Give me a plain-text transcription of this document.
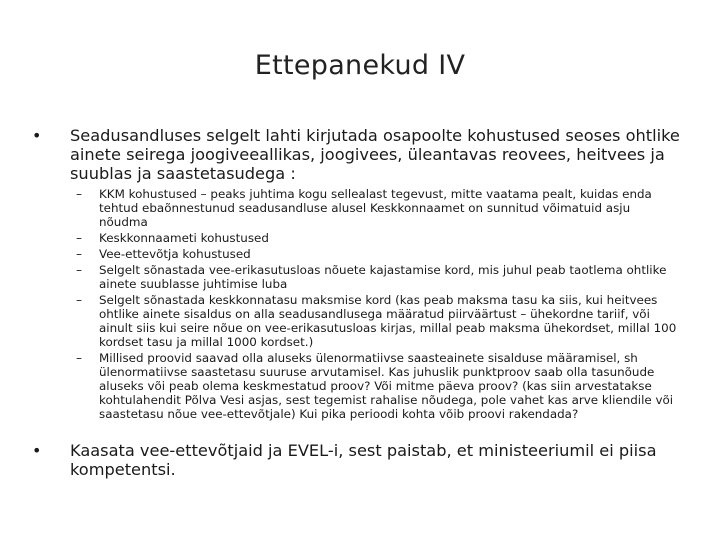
Ettepanekud IV
•	Seadusandluses selgelt lahti kirjutada osapoolte kohustused seoses ohtlike ainete seirega joogiveeallikas, joogivees, üleantavas reovees, heitvees ja suublas ja saastetasudega :
–	KKM kohustused – peaks juhtima kogu sellealast tegevust, mitte vaatama pealt, kuidas enda tehtud ebaõnnestunud seadusandluse alusel Keskkonnaamet on sunnitud võimatuid asju nõudma
–	Keskkonnaameti kohustused
–	Vee-ettevõtja kohustused
–	Selgelt sõnastada vee-erikasutusloas nõuete kajastamise kord, mis juhul peab taotlema ohtlike ainete suublasse juhtimise luba
–	Selgelt sõnastada keskkonnatasu maksmise kord (kas peab maksma tasu ka siis, kui heitvees ohtlike ainete sisaldus on alla seadusandlusega määratud piirväärtust – ühekordne tariif, või ainult siis kui seire nõue on vee-erikasutusloas kirjas, millal peab maksma ühekordset, millal 100 kordset tasu ja millal 1000 kordset.)
–	Millised proovid saavad olla aluseks ülenormatiivse saasteainete sisalduse määramisel, sh ülenormatiivse saastetasu suuruse arvutamisel. Kas juhuslik punktproov saab olla tasunõude aluseks või peab olema keskmestatud proov? Või mitme päeva proov? (kas siin arvestatakse kohtulahendit Põlva Vesi asjas, sest tegemist rahalise nõudega, pole vahet kas arve kliendile või saastetasu nõue vee-ettevõtjale) Kui pika perioodi kohta võib proovi rakendada?
•	Kaasata vee-ettevõtjaid ja EVEL-i, sest paistab, et ministeeriumil ei piisa kompetentsi.
